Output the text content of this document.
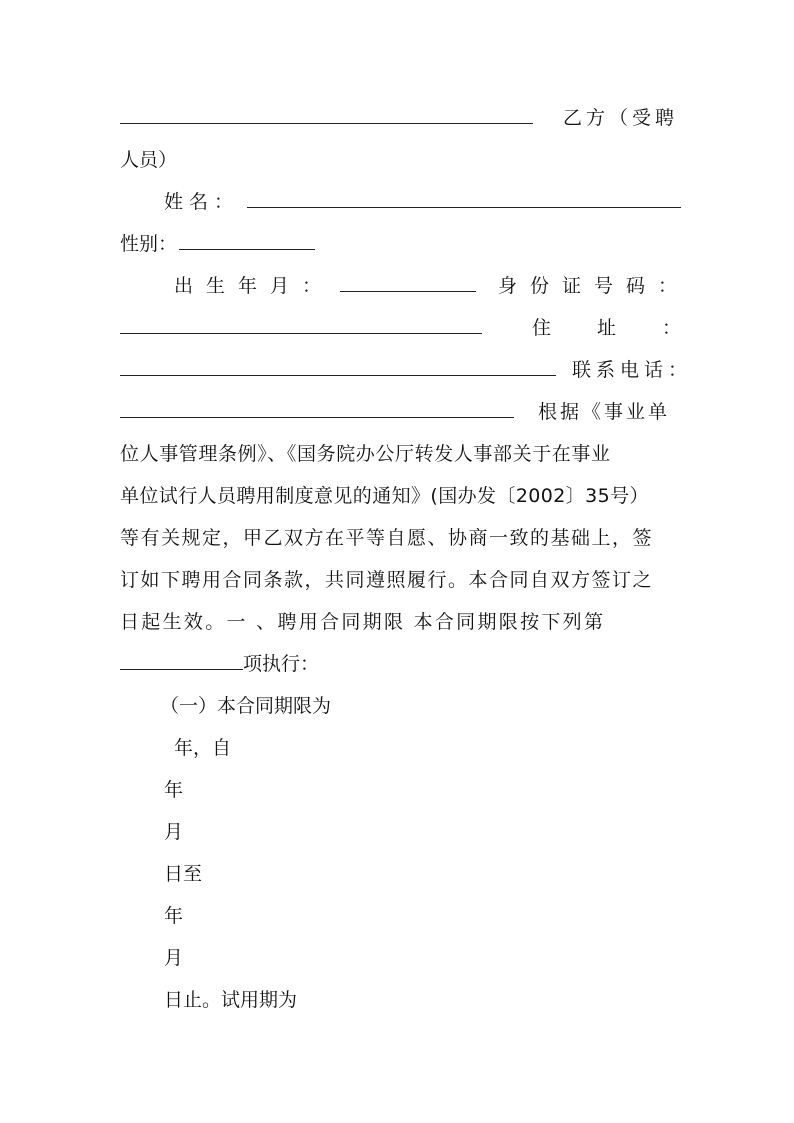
乙方（受聘
人员）
姓名：
性别：
出生年月：	身份证号码：
住址：
联系电话：
根据《事业单
位人事管理条例》、《国务院办公厅转发人事部关于在事业
单位试行人员聘用制度意见的通知》(国办发〔2002〕35号）
等有关规定，甲乙双方在平等自愿、协商一致的基础上，签
订如下聘用合同条款，共同遵照履行。本合同自双方签订之
日起生效。一 、聘用合同期限 本合同期限按下列第
项执行：
（一）本合同期限为
年，自
年
月
日至
年
月
日止。试用期为
